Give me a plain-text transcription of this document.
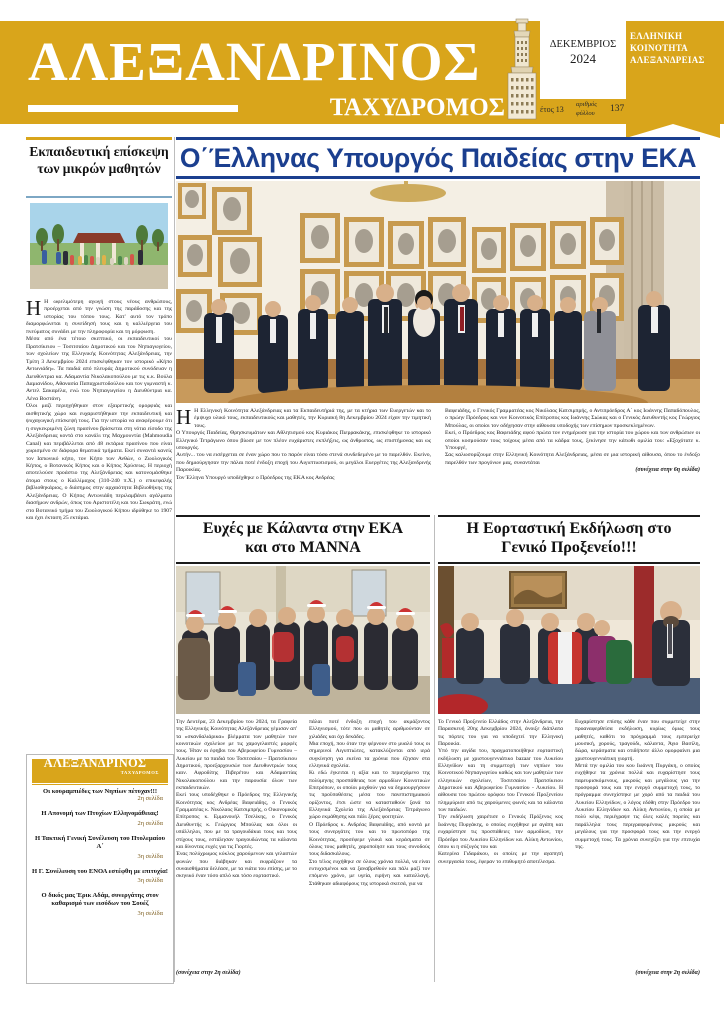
ΑΛΕΞΑΝΔΡΙΝΟΣ
ΤΑΧΥΔΡΟΜΟΣ
ΕΝΗΜΕΡΩΤΙΚΟ ΔΕΛΤΙΟ ΠΑΡΑΡΤΗΜΑ ΤΗΣ ΛΟΓΟΔΟΣΙΑΣ ΤΗΣ ΕΛΛΗΝΙΚΗΣ ΚΟΙΝΟΤΗΤΑΣ ΑΛΕΞΑΝΔΡΕΙΑΣ
ΔΕΚΕΜΒΡΙΟΣ
2024
έτος 13
αριθμός φύλλου	137
ΕΛΛΗΝΙΚΗ
ΚΟΙΝΟΤΗΤΑ
ΑΛΕΞΑΝΔΡΕΙΑΣ
Εκπαιδευτική επίσκεψη των μικρών μαθητών

Η Η ωφελιμότερη αγωγή στους νέους ανθρώπους, προέρχεται από την γνώση της παράδοσης και της ιστορίας του τόπου τους. Κατ' αυτό τον τρόπο διαμορφώνεται η συνείδησή τους και η καλλιέργεια του πνεύματος συνάδει με την πληροφορία και τη μόρφωση.

Μέσα από ένα τέτοιο σκεπτικό, οι εκπαιδευτικοί του Πρατσίκειου – Τοσιτσαίου Δημοτικού και του Νηπιαγωγείου, των σχολείων της Ελληνικής Κοινότητας Αλεξάνδρειας, την Τρίτη 3 Δεκεμβρίου 2024 επισκέφθηκαν τον ιστορικό «Κήπο Αντωνιάδη». Τα παιδιά από πλευράς Δημοτικού συνόδευαν η Διευθύντρια κα. Αδαμαντία Νικολακοπούλου με τις κ.κ. Βούλα Δαμιανίδου, Αθανασία Παπαχριστοδούλου και τον γυμναστή κ. Αντελ Σακαρέλα, ενώ του Νηπιαγωγείου η Διευθύντρια κα. Λένα Βοστάνη.

Όλοι μαζί περιηγήθηκαν στον εξαιρετικής ομορφιάς και αισθητικής χώρο και ευχαριστήθηκαν την εκπαιδευτική και ψυχαγωγική επίσκεψή τους. Για την ιστορία να αναφέρουμε ότι η συγκεκριμένη ζώνη πρασίνου βρίσκεται στη νότια είσοδο της Αλεξάνδρειας κοντά στο κανάλι της Μαχμουντία (Mahmoudia Canal) και περιβάλλεται από 48 εκτάρια πρασίνου που είναι χωρισμένο σε διάφορα θεματικά τμήματα. Εκεί συναντά κανείς τον Ιαπωνικό κήπο, τον Κήπο των Ανθών, ο Ζωολογικός Κήπος, ο Βοτανικός Κήπος και ο Κήπος Χρύσεως. Η περιοχή αποτελούσε προάστιο της Αλεξάνδρειας και κατονομάσθηκε άτομα στους ο Καλλίμαχος (310-240 π.Χ.) ο επικεφαλής βιβλιοθηκάριος, ο διάσημος στην αρχαιότητα Βιβλιοθήκης της Αλεξάνδρειας. Ο Κήπος Αντωνιάδη περιλαμβάνει αγάλματα διασήμων ανδρών, όπως του Αριστοτέλη και του Σωκράτη, ενώ στο Βοτανικό τμήμα του Ζωολογικού Κήπου ιδρύθηκε το 1907 και έχει έκταση 25 εκτάρια.

ΑΛΕΞΑΝΔΡΙΝΟΣ
ΤΑΧΥΔΡΟΜΟΣ
Οι κουραμπιέδες των Νηπίων πέτυχαν!!!
2η σελίδα
Η Απονομή των Πτυχίων Ελληνομάθειας!
2η σελίδα
Η Τακτική Γενική Συνέλευση του Πτολεμαίου Α΄
3η σελίδα
Η Γ. Συνέλευση του ΕΝΟΑ εστέφθη με επιτυχία!
3η σελίδα
Ο δικός μας Έρικ Αδάμ, συνεργάτης στον καθαρισμό των εισόδων του Σουέζ
3η σελίδα
Ο΄Έλληνας Υπουργός Παιδείας στην ΕΚΑ

Η Η Ελληνική Κοινότητα Αλεξάνδρειας και τα Εκπαιδευτήριά της, με τα κτήρια των Ευεργετών και το έμψυχο υλικό τους, εκπαιδευτικούς και μαθητές, την Κυριακή 8η Δεκεμβρίου 2024 είχαν την τιμητική τους.

Ο Υπουργός Παιδείας, Θρησκευμάτων και Αθλητισμού κος Κυριάκος Πιερρακάκης, επισκέφθηκε το ιστορικό Ελληνικό Τετράγωνο όπου βίωσε με τον πλέον ευχάριστες εκπλήξεις, ως άνθρωπος, ως επιστήμονας και ως υπουργός.

Αυτήν... του να εισέρχεται σε έναν χώρο που το παρόν είναι τόσο στενά συνδεδεμένο με το παρελθόν. Εκείνο, που δημιούργησαν την πάλαι ποτέ ένδοξη εποχή του Αιγυπτιωτισμού, οι μεγάλοι Ευεργέτες της Αλεξανδρινής Παροικίας.

Τον Έλληνα Υπουργό υποδέχθηκε ο Πρόεδρος της ΕΚΑ κος Ανδρέας

Βαφειάδης, ο Γενικός Γραμματέας κος Νικόλαος Κατσιμπρής, ο Αντιπρόεδρος Α΄ κος Ιωάννης Παπαδόπουλος, ο πρώην Πρόεδρος και νυν Κοινοτικός Επίτροπος κος Ιωάννης Σιώκας και ο Γενικός Διευθυντής κος Γεώργιος Μπούλας, οι οποίοι τον οδήγησαν στην αίθουσα υποδοχής των επίσημων προσκεκλημένων.

Εκεί, ο Πρόεδρος κος Βαφειάδης αφού πρώτα τον ενημέρωσε για την ιστορία του χώρου και των ανθρώπων οι οποίοι κοσμούσαν τους τοίχους μέσα από τα κάδρα τους, ξεκίνησε την κάτωθι ομιλία του: «Εξοχότατε κ. Υπουργέ,

Σας καλωσορίζουμε στην Ελληνική Κοινότητα Αλεξάνδρειας, μέσα σε μια ιστορική αίθουσα, όπου το ένδοξο παρελθόν των προγόνων μας, συναντάται

(συνέχεια στην 6η σελίδα)

Ευχές με Κάλαντα στην ΕΚΑ
και στο MANNA

Την Δευτέρα, 23 Δεκεμβρίου του 2024, τα Γραφεία της Ελληνικής Κοινότητας Αλεξάνδρειας γέμισαν απ' τα «σκανδαλιάρικα» βλέμματα των μαθητών των κοινοτικών σχολείων με τις χαμογελαστές μορφές τους. Ήταν οι έφηβοι του Αβερωφείου Γυμνασίου – Λυκείου με τα παιδιά του Τοσιτσαίου – Πρατσίκειου Δημοτικού, προεξαρχουσών των Διευθυντριών τους καιν. Αφροδίτης Πιβερέτου και Αδαμαντίας Νικολακοπούλου και την παρουσία όλων των εκπαιδευτικών.

Εκεί τους υποδέχθηκε ο Πρόεδρος της Ελληνικής Κοινότητας κος Ανδρέας Βαφειάδης, ο Γενικός Γραμματέας κ. Νικόλαος Κατσιμπρής, ο Οικονομικός Επίτροπος κ. Εμμανουήλ Τσελίκης, ο Γενικός Διευθυντής κ. Γεώργιος Μπούλας και όλοι οι υπάλληλοι, που με τα τραγουδάκια τους και τους στίχους τους, εστάλησαν τραγουδώντας τα κάλαντα και δίνοντας ευχές για τις Γιορτές.

Ένας πολύχρωμος κύκλος χαρούμενων και γελαστών φωνών που διάβηκαν και εκφράζουν τα συναισθήματα δελέασε, με τα νιάτα του επίσης, με το σκηνικό έναν τόσο απλό και τόσο εορταστικό.

πάλαι ποτέ ένδοξη εποχή του ακμάζοντος Ελληνισμού, τότε που οι μαθητές αριθμούνταν σε χιλιάδες και όχι δεκάδες.

Μια εποχή, που όταν την φέρνουν στο μυαλό τους οι σημερινοί Αιγυπτιώτες, κατακλύζονται από ιερά συγκίνηση για εκείνα τα χρόνια που έζησαν στα ελληνικά σχολεία.

Κι εδώ έγκειται η αξία και το περιεχόμενο της πολύμηνης προσπάθειας των αρμοδίων Κοινοτικών Επιτρόπων, οι οποίοι μοχθούν για να δημιουργήσουν τις προϋποθέσεις μέσα του πανεπιστημιακού ορίζοντος, έτσι ώστε να κατασταθούν ξανά τα Ελληνικά Σχολεία της Αλεξάνδρειας Τετράγωνο χώρο εκμάθησης και πάλι ξέρες φοιτητών.

Ο Πρόεδρος κ. Ανδρέας Βαφειάδης, από κοντά με τους συνεργάτες του και το πρωτοπόρο της Κοινότητας, προσέφερε γλυκά και κεράσματα σε όλους τους μαθητές, χαροποίησε και τους συνοδούς τους διδασκάλους.

Στο τέλος ευχήθηκε σε όλους χρόνια πολλά, να είναι ευτυχισμένοι και να ξαναβρεθούν και πάλι μαζί τον επόμενο χρόνο, με υγεία, ειρήνη και καταλλαγή. Στάθηκαν αδιαφόρους της ιστορικά σκιτσά, για να

(συνέχεια στην 2η σελίδα)
Η Εορταστική Εκδήλωση στο
Γενικό Προξενείο!!!

Το Γενικό Προξενείο Ελλάδος στην Αλεξάνδρεια, την Παρασκευή 20ης Δεκεμβρίου 2024, άνοιξε διάπλατα τις πόρτες του για να υποδεχτεί την Ελληνική Παροικία.

Υπό την αιγίδα του, πραγματοποιήθηκε εορταστική εκδήλωση με χριστουγεννιάτικο bazaar του Λυκείου Ελληνίδων και τη συμμετοχή των νηπίων του Κοινοτικού Νηπιαγωγείου καθώς και των μαθητών των ελληνικών σχολείων, Τοσιτσαίου Πρατσίκειου Δημοτικού και Αβερωφείου Γυμνασίου - Λυκείου. Η αίθουσα του πρώτου ορόφου του Γενικού Προξενείου πλημμύρισε από τις χαρούμενες φωνές και τα κάλαντα των παιδιών.

Την εκδήλωση χαιρέτισε ο Γενικός Πρόξενος κος Ιωάννης Πυργάκης, ο οποίος ευχήθηκε με αγάπη και ευχαρίστησε τις προσπάθειες των αρμοδίων, την Πρόεδρο του Λυκείου Ελληνίδων κα. Αλίκη Αντωνίου, όπου κι η σύζυγός του και

Κατερίνα Γιδαράκου, οι οποίες με την αγαπητή συνεργασία τους, έφεραν το επιθυμητό αποτέλεσμα.

Ευχαρίστησε επίσης κάθε έναν που συμμετείχε στην προαναφερθείσα εκδήλωση, κυρίως όμως τους μαθητές, καθότι το πρόγραμμά τους εμπεριείχε μουσική, χορούς, τραγούδι, κάλαντα, Άγιο Βασίλη, δώρα, κεράσματα και οτιδήποτε άλλο ομορφαίνει μια χριστουγεννιάτικη γιορτή.

Μετά την ομιλία του κου Ιωάννη Πυργάκη, ο οποίος ευχήθηκε τα χρόνια πολλά και ευχαρίστησε τους παρευρισκόμενους, μικρούς και μεγάλους για την προσφορά τους και την ενεργό συμμετοχή τους, το πρόγραμμα συνεχίστηκε με χορό από τα παιδιά του Λυκείου Ελληνίδων, ο λόγος εδόθη στην Πρόεδρο του Λυκείου Ελληνίδων κα. Αλίκη Αντωνίου, η οποία με πολύ κέφι, περιέγραψε τις όλες καλές πορείες και παράλληλα τους περιγραφομένους μικρούς και μεγάλους για την προσφορά τους και την ενεργό συμμετοχή τους. Τα χρόνια συνεχίζει για την επιτυχία της.

(συνέχεια στην 2η σελίδα)
